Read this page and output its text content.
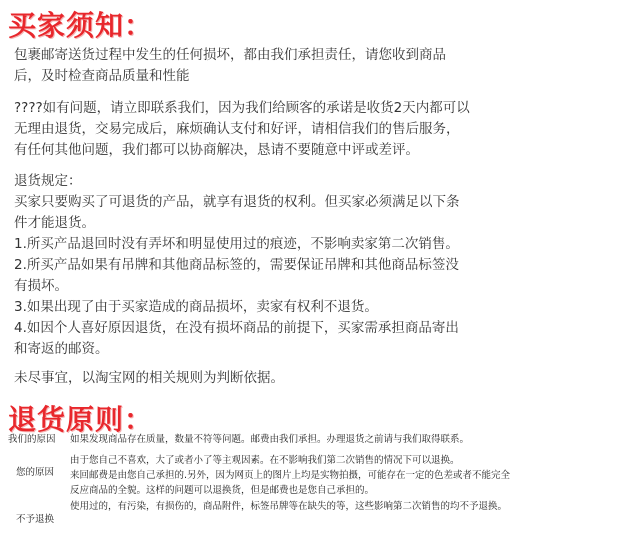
买家须知：
包裹邮寄送货过程中发生的任何损坏，都由我们承担责任，请您收到商品
后，及时检查商品质量和性能
????如有问题，请立即联系我们，因为我们给顾客的承诺是收货2天内都可以
无理由退货，交易完成后，麻烦确认支付和好评，请相信我们的售后服务，
有任何其他问题，我们都可以协商解决，恳请不要随意中评或差评。
退货规定：
买家只要购买了可退货的产品，就享有退货的权利。但买家必须满足以下条
件才能退货。
1.所买产品退回时没有弄坏和明显使用过的痕迹，不影响卖家第二次销售。
2.所买产品如果有吊牌和其他商品标签的，需要保证吊牌和其他商品标签没
有损坏。
3.如果出现了由于买家造成的商品损坏，卖家有权利不退货。
4.如因个人喜好原因退货，在没有损坏商品的前提下，买家需承担商品寄出
和寄返的邮资。
未尽事宜，以淘宝网的相关规则为判断依据。
退货原则：
我们的原因 如果发现商品存在质量，数量不符等问题。邮费由我们承担。办理退货之前请与我们取得联系。
您的原因
由于您自己不喜欢，大了或者小了等主观因素。在不影响我们第二次销售的情况下可以退换。
来回邮费是由您自己承担的.另外，因为网页上的图片上均是实物拍摄，可能存在一定的色差或者不能完全
反应商品的全貌。这样的问题可以退换货，但是邮费也是您自己承担的。
不予退换
使用过的，有污染，有损伤的，商品附件，标签吊牌等在缺失的等，这些影响第二次销售的均不予退换。
